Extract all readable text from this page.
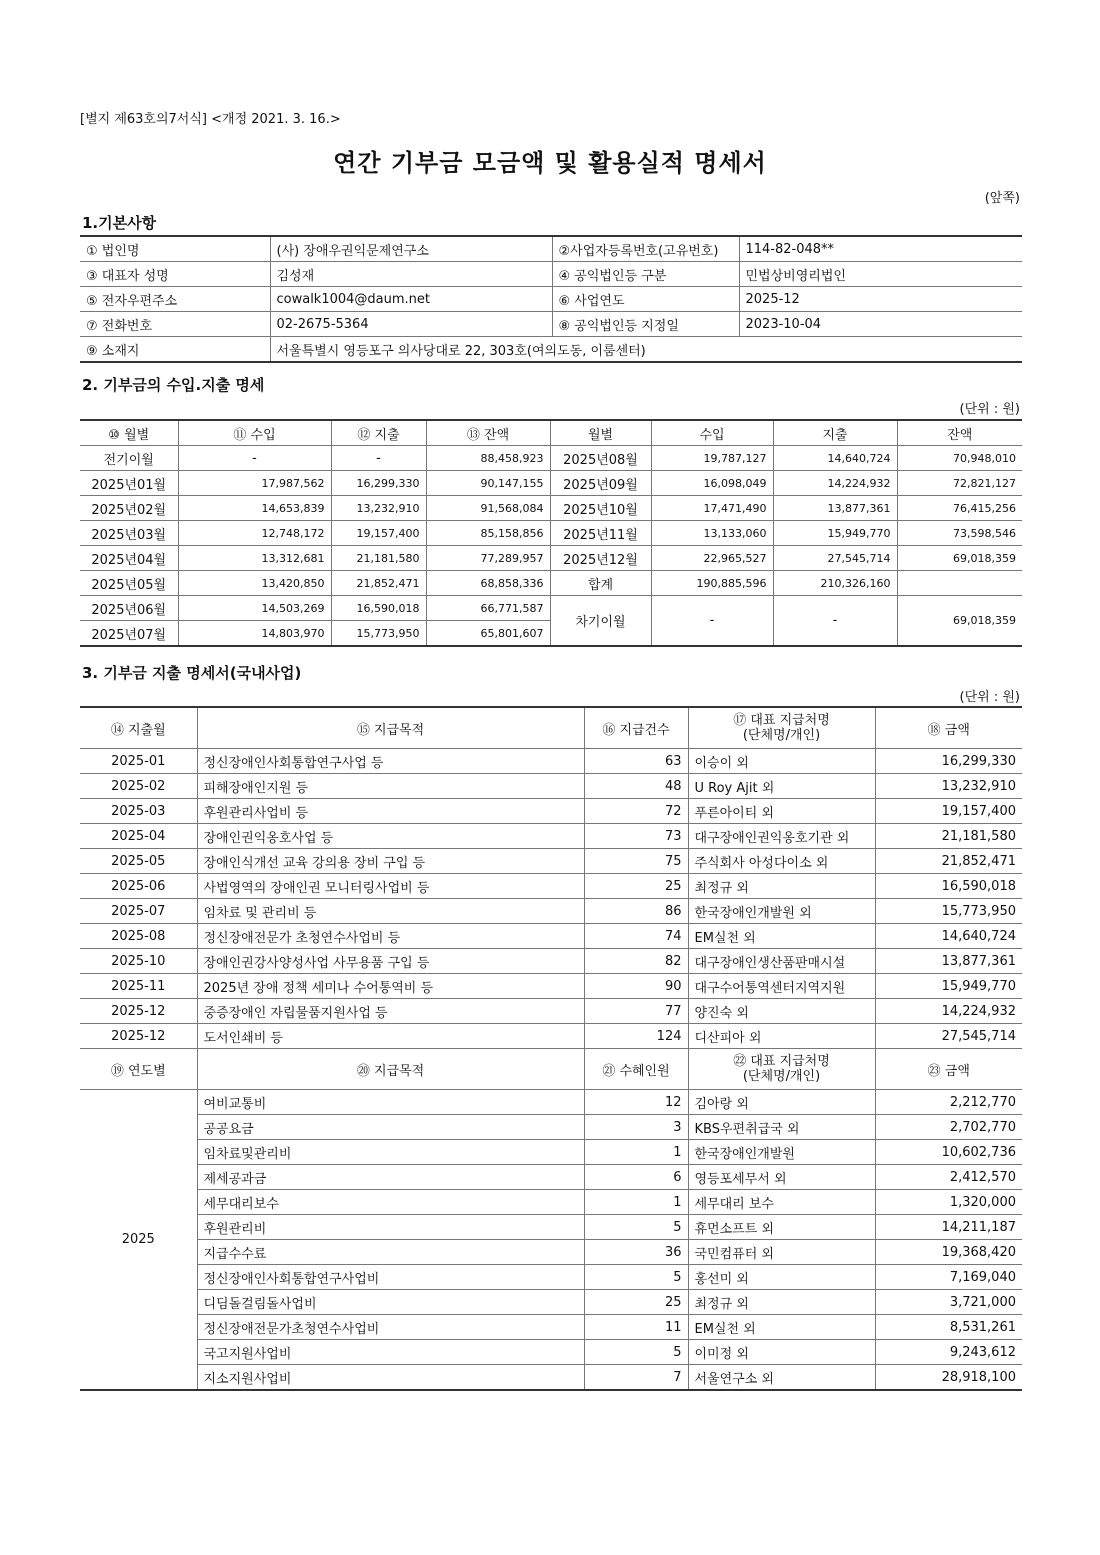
[별지 제63호의7서식] <개정 2021. 3. 16.>
연간 기부금 모금액 및 활용실적 명세서
(앞쪽)
1.기본사항
① 법인명	(사) 장애우권익문제연구소	②사업자등록번호(고유번호)	114-82-048**
③ 대표자 성명	김성재	④ 공익법인등 구분	민법상비영리법인
⑤ 전자우편주소	cowalk1004@daum.net	⑥ 사업연도	2025-12
⑦ 전화번호	02-2675-5364	⑧ 공익법인등 지정일	2023-10-04
⑨ 소재지	서울특별시 영등포구 의사당대로 22, 303호(여의도동, 이룸센터)		
2. 기부금의 수입.지출 명세
(단위 : 원)
⑩ 월별	⑪ 수입	⑫ 지출	⑬ 잔액	월별	수입	지출	잔액
전기이월	-	-	88,458,923	2025년08월	19,787,127	14,640,724	70,948,010
2025년01월	17,987,562	16,299,330	90,147,155	2025년09월	16,098,049	14,224,932	72,821,127
2025년02월	14,653,839	13,232,910	91,568,084	2025년10월	17,471,490	13,877,361	76,415,256
2025년03월	12,748,172	19,157,400	85,158,856	2025년11월	13,133,060	15,949,770	73,598,546
2025년04월	13,312,681	21,181,580	77,289,957	2025년12월	22,965,527	27,545,714	69,018,359
2025년05월	13,420,850	21,852,471	68,858,336	합계	190,885,596	210,326,160	
2025년06월	14,503,269	16,590,018	66,771,587	차기이월	-	-	69,018,359
2025년07월	14,803,970	15,773,950	65,801,607				
3. 기부금 지출 명세서(국내사업)
(단위 : 원)
⑭ 지출월	⑮ 지급목적	⑯ 지급건수	⑰ 대표 지급처명
(단체명/개인)	⑱ 금액
2025-01	정신장애인사회통합연구사업 등	63	이승이 외	16,299,330
2025-02	피해장애인지원 등	48	U Roy Ajit 외	13,232,910
2025-03	후원관리사업비 등	72	푸른아이티 외	19,157,400
2025-04	장애인권익옹호사업 등	73	대구장애인권익옹호기관 외	21,181,580
2025-05	장애인식개선 교육 강의용 장비 구입 등	75	주식회사 아성다이소 외	21,852,471
2025-06	사법영역의 장애인권 모니터링사업비 등	25	최정규 외	16,590,018
2025-07	임차료 및 관리비 등	86	한국장애인개발원 외	15,773,950
2025-08	정신장애전문가 초청연수사업비 등	74	EM실천 외	14,640,724
2025-10	장애인권강사양성사업 사무용품 구입 등	82	대구장애인생산품판매시설	13,877,361
2025-11	2025년 장애 정책 세미나 수어통역비 등	90	대구수어통역센터지역지원	15,949,770
2025-12	중증장애인 자립물품지원사업 등	77	양진숙 외	14,224,932
2025-12	도서인쇄비 등	124	디산피아 외	27,545,714
⑲ 연도별	⑳ 지급목적	㉑ 수혜인원	㉒ 대표 지급처명
(단체명/개인)	㉓ 금액
2025	여비교통비	12	김아랑 외	2,212,770
	공공요금	3	KBS우편취급국 외	2,702,770
	임차료및관리비	1	한국장애인개발원	10,602,736
	제세공과금	6	영등포세무서 외	2,412,570
	세무대리보수	1	세무대리 보수	1,320,000
	후원관리비	5	휴먼소프트 외	14,211,187
	지급수수료	36	국민컴퓨터 외	19,368,420
	정신장애인사회통합연구사업비	5	홍선미 외	7,169,040
	디딤돌걸림돌사업비	25	최정규 외	3,721,000
	정신장애전문가초청연수사업비	11	EM실천 외	8,531,261
	국고지원사업비	5	이미정 외	9,243,612
	지소지원사업비	7	서울연구소 외	28,918,100
